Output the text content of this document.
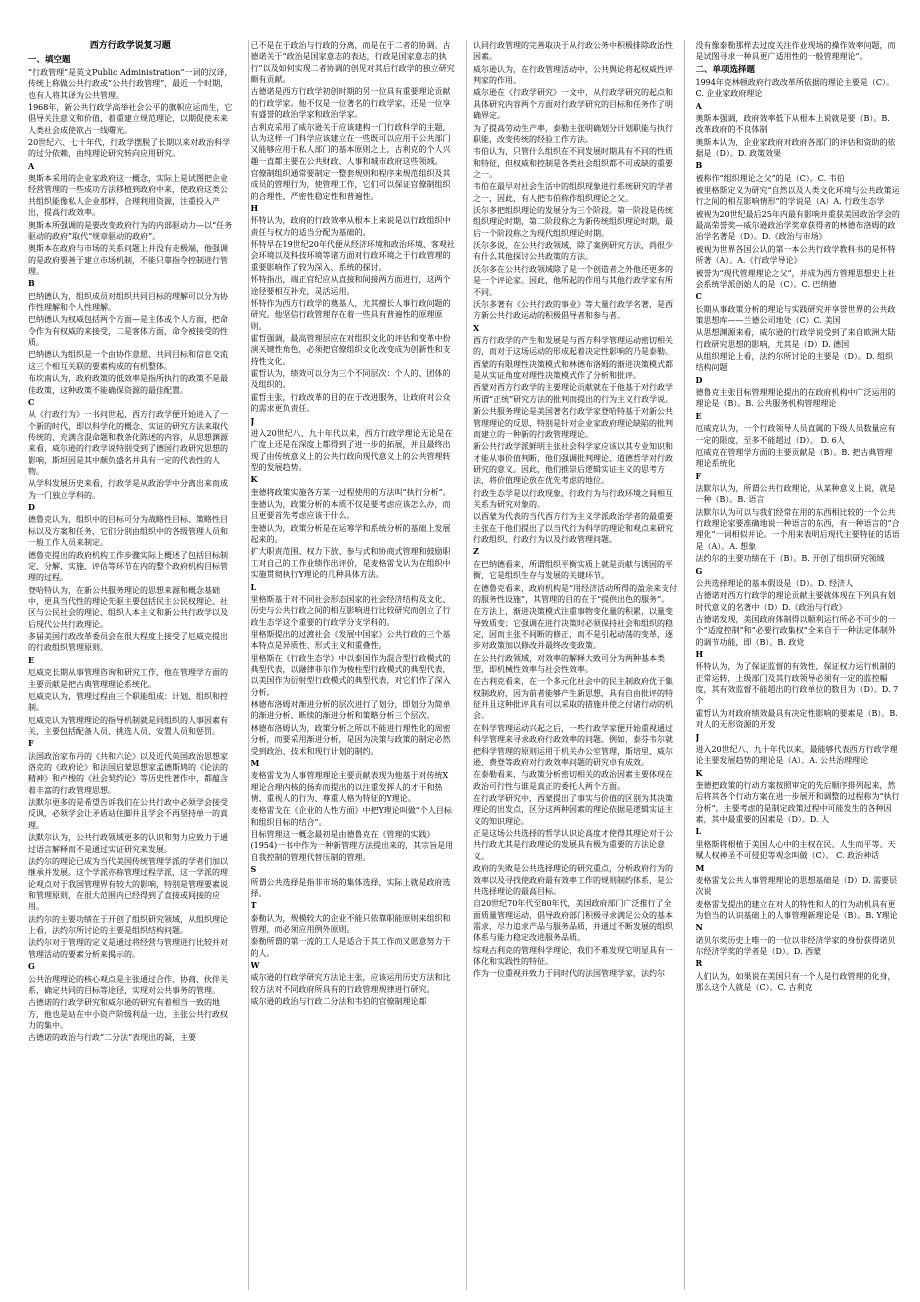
西方行政学说复习题

一、填空题

“行政管理”是英文Public Administration”一词的汉译，传统上称做公共行政或“公共行政管理”，最近一个时期，也有人将其译为公共管理。

1968年，新公共行政学高举社会公平的旗帜应运而生，它倡导关注意义和价值，着重建立规范理论，以期促使未来人类社会成使欲占一线曙光。

20世纪六、七十年代，行政学摆脱了长期以来对政治科学的过分依赖，由纯理论研究转向应用研究。

A

奥斯本采用的企业家政府这一概念，实际上是试图把企业经营管理的一些成功方法移植到政府中来，使政府这类公共组织能像私人企业那样，合理利用资源，注重投入产出，提高行政效率。

奥斯本所强调的是要改变政府行为的内部驱动力---以“任务驱动的政府”取代“规章驱动的政府”。

奥斯本在政府与市场的关系问题上并没有走极端，他强调的是政府要善于建立市场机制，不能只靠指令控制进行管理。

B

巴纳德认为，组织成员对组织共同目标的理解可以分为协作性理解和个人性理解。

巴纳德认为权威包括两个方面—是主体或个人方面，把命令作为有权威的来接受，二是客体方面，命令被接受的性质。

巴纳德认为组织是一个由协作意愿、共同目标和信息交流这三个相互关联的要素构成的有机整体。

布坎南认为，政府政策的低效率是指所执行的政策不是最佳政策，这种政策不能确保资源的最佳配置。

C

从《行政行为》一书问世起，西方行政学便开始进入了一个新的时代，即以科学化的概念、实证的研究方法来取代传统的、充满含混命题和教条化陈述的内容，从思想渊源来看，威尔逊的行政学说特别受到了德国行政研究思想的影响，斯坦因是其中颇负盛名并具有一定的代表性的人物。

从学科发展历史来看，行政学是从政治学中分离出来而成为一门独立学科的。

D

德鲁克认为，组织中的目标可分为战略性目标、策略性目标以及方案和任务，它们分别由组织中的各级管理人员和一般工作人员来制定。

德鲁克提出的政府机构工作步骤实际上概述了包括目标制定、分解、实施、评估等环节在内的整个政府机构目标管理的过程。

登哈特认为，在新公共服务理论的思想来源和概念基础中，更具当代性的理论先驱主要包括民主公民权理论、社区与公民社会的理论、组织人本主义和新公共行政学以及后现代公共行政理论。

多届美国行政改革委员会在很大程度上接受了厄威克提出的行政组织管理原则。

E

厄威克长期从事管理咨询和研究工作，他在管理学方面的主要贡献是把古典管理理论系统化。

厄威克认为，管理过程由三个职能组成：计划、组织和控制。

厄威克认为管理理论的指导机制就是同组织的人事因素有关，主要包括配备人员、挑选人员、安置人员和惩罚。

F

法国政治家布丹的《共和六论》以及近代英国政治思想家洛克的《政府论》和法国启蒙思想家孟德斯鸠的《论法的精神》和卢梭的《社会契约论》等历史性著作中，都蕴含着丰富的行政管理思想。

法默尔更多的是希望告诉我们在公共行政中必须学会接受反讽，必须学会让矛盾站住脚并且学会不再坚持单一的真理。

法默尔认为，公共行政领域更多的认识和努力应致力于通过语言解释而不是通过实证研究来发展。

法约尔的理论已成为当代美国传统管理学派的学者们加以继承并发展。这个学派亦称管理过程学派，这一学派的理论观点对于我国管理界有较大的影响，特别是管理要素说和管理原则，在很大范围内已经得到了直接或间接的应用。

法约尔的主要功绩在于开创了组织研究领域，从组织理论上看，法约尔所讨论的主要是组织结构问题。

法约尔对于管理的定义是通过将经营与管理进行比较并对管理活动的要素分析来揭示的。

G

公共治理理论的核心观点是主张通过合作、协商、伙伴关系，确定共同的目标等途径，实现对公共事务的管理。

古德诺的行政学研究和威尔逊的研究有着相当一致的地方，他也是站在中小资产阶级利益一边，主张公共行政权力的集中。

古德诺的政治与行政“二分法”表现出的凝，主要

已不是在于政治与行政的分离，而是在于二者的协调。古德诺关于“政治是国家意志的表达，行政是国家意志的执行”以及如何实现二者协调的创见对其后行政学的独立研究颇有贡献。

古德诺是西方行政学初创时期的另一位具有重要理论贡献的行政学家。他不仅是一位著名的行政学家，还是一位享有盛誉的政治学家和政治学家。

古利克采用了威尔逊关于应该建构一门行政科学的主题，认为这样一门科学应该建立在一些既可以应用于公共部门又能够应用于私人部门的基本原则之上，古利克的个人兴趣一直都主要在公共财政、人事和城市政府这些领域。

官僚制组织通常要制定一整套规则和程序来规范组织及其成员的管理行为，使管理工作，它们可以保证官僚制组织的合理性、严密性稳定性和普遍性。

H

怀特认为，政府的行政效率从根本上来说是以行政组织中责任与权力的适当分配为基础的。

怀特早在19世纪20年代便从经济环境和政治环境、客观社会环境以及科技环境等诸方面对行政环境之于行政管理的重要影响作了较为深入、系统的探讨。

怀特指出，端正官纪应从直接和间接两方面进行，这两个途径要相互补充，灵活运用。

怀特作为西方行政学的奠基人，尤其擅长人事行政问题的研究。他坚信行政管理存在着一些具有普遍性的原理原则。

霍哲强调，最高管理层应在对组织文化的评估和变革中扮演关键性角色，必须把官僚组织文化改变成为创新性和支持性文化。

霍哲认为，绩效可以分为三个不同层次：个人的、团体的及组织的。

霍哲主张，行政改革的目的在于改进服务，让政府对公众的需求更负责任。

J

进入20世纪八、九十年代以来，西方行政学理论无论是在广度上还是在深度上都得到了进一步的拓展，并且最终出现了由传统意义上的公共行政向现代意义上的公共管理转型的发展趋势。

K

奎德将政策实施各方某一过程使用的方法叫“执行分析”。

奎德认为，政策分析的本质不仅是要考虑应该怎么办，而且更要首先考虑应该干什么。

奎德认为，政策分析是在运筹学和系统分析的基础上发展起来的。

扩大职责范围、权力下放、参与式和协商式管理和鼓励职工对自己的工作业绩作出评价，是麦格雷戈认为在组织中实施贯彻执行Y理论的几种具体方法。

L

里格斯基于对不同社会形态国家的社会经济结构及文化、历史与公共行政之间的相互影响进行比较研究而创立了行政生态学这个重要的行政学分支学科的。

里格斯提出的过渡社会《发展中国家》公共行政的三个基本特点是异质性、形式主义和重叠性。

里格斯在《行政生态学》中以泰国作为混合型行政模式的典型代表，以融律菲尔作为棱柱型行政模式的典型代表，以美国作为衍射型行政模式的典型代表，对它们作了深入分析。

林德布洛姆对渐进分析的层次进行了划分，即划分为简单的渐进分析、断续的渐进分析和策略分析三个层次。

林德布洛姆认为，政策分析之所以不能进行理性化的周密分析，而要采用渐进分析，是因为决策与政策的制定必然受到政治、技术和现行计划的制约。

M

麦格雷戈为人事管理理论主要贡献表现为他基于对传统X理论合理内核的扬弃而提出的以注重发挥人的才干和热情、重视人的行为、尊重人格为特征的Y理论。

麦格雷戈在《企业的人性方面》中把Y理论叫做“个人目标和组织目标的结合”。

目标管理这一概念最初是由德鲁克在《管理的实践》(1954)一书中作为一种新管理方法提出来的，其宗旨是用自我控制的管理代替压制的管理。

S

所谓公共选择是指非市场的集体选择，实际上就是政府选择。

T

泰勒认为，规模较大的企业不能只依靠职能原则来组织和管理，而必须应用例外原则。

泰勒所谓的第一流的工人是适合于其工作而又愿意努力干的人。

W

威尔逊的行政学研究方法论主张，应该运用历史方法和比较方法对不同政府所具有的行政管理规律进行研究。

威尔逊的政治与行政二分法和韦伯的官僚制理论都

认同行政管理的完善取决于从行政公务中积极排除政治性因素。

威尔逊认为，在行政管理活动中，公共舆论将起权威性评判家的作用。

威尔逊在《行政学研究》一文中，从行政学研究的起点和具体研究内容两个方面对行政学研究的目标和任务作了明确界定。

为了提高劳动生产率，泰勒主张明确划分计划职能与执行职能，改变传统的经验工作方法。

韦伯认为，只管什么组织在不同发展时期具有不同的性质和特征，但权威和控制是各类社会组织都不可或缺的重要之一。

韦伯在最早对社会生活中的组织现象进行系统研究的学者之一，因此，有人把韦伯称作组织理论之父。

沃尔多把组织理论的发展分为三个阶段。第一阶段是传统组织理论时期，第二阶段称之为新传统组织理论时期，最后一个阶段称之为现代组织理论时期。

沃尔多说，在公共行政领域，除了案例研究方法，尚很少有什么其他探讨公共政策的方法。

沃尔多在公共行政领域除了是一个创造者之外他还更多的是一个评论家。因此，他所起的作用与其他行政学家有所不同。

沃尔多著有《公共行政的事业》等大量行政学名著，是西方新公共行政运动的积极倡导者和参与者。

X

西方行政学的产生和发展是与西方科学管理运动密切相关的，而对于这场运动的形成起着决定性影响的乃是泰勒。

西蒙的有限理性决策模式和林德布洛姆的渐进决策模式都是从实证角度对理性决策模式作了分析和批评。

西蒙对西方行政学的主要理论贡献就在于他基于对行政学所谓“正统”研究方法的批判而提出的行为主义行政学说。

新公共服务理论是美国著名行政学家登哈特基于对新公共管理理论的反思，特别是针对企业家政府理论缺陷的批判而建立的一种新的行政管理理论。

新公共行政学派鲜明主张社会科学家应该以其专业知识和才能从事价值判断，他们强调批判理论、道德哲学对行政研究的意义。因此，他们推崇后逻辑实证主义的思考方法，将价值理论放在优先考虑的地位。

行政生态学是以行政现象、行政行为与行政环境之间相互关系为研究对象的。

以西蒙为代表的当代西方行为主义学派政治学者的最重要主张在于他们提出了以当代行为科学的理论和观点来研究行政组织、行政行为以及行政管理问题。

Z

在巴纳德看来，所谓组织平衡实质上就是贡献与诱因的平衡，它是组织生存与发展的关键环节。

在德鲁克看来，政府机构是“用经济活动所得的盈余来支付的服务性设施”，其管理的目的在于“提供出色的服务”。

在方法上，渐进决策模式注重事物变化量的积累，以量变导致质变；它强调在进行决策时必须保持社会和组织的稳定，因而主张不间断的修正，而不是引起动荡的变革，逐步对政策加以修改并最终改变政策。

在公共行政领域，对效率的解释大致可分为两种基本类型，即机械性效率与社会性效率。

在古利克看来，在一个多元化社会中的民主制政府优于集权制政府，因为前者能够产生新思想，具有自由批评的特征并且这种批评具有可以采取的措施并使之付诸行动的机会。

在科学管理运动兴起之后，一些行政学家便开始重视通过科学管理来寻求政府行政效率的问题。例如，泰芬韦尔就把科学管理的原则运用于机关办公室管理，斯培里、威尔逊、费登等政府对行政效率问题的研究卓有成效。

在泰勒看来，与政策分析密切相关的政治因素主要体现在政治可行性与谁是真正的委托人两个方面。

在行政学研究中，西蒙提出了事实与价值的区别为其决策理论的出发点，区分这两种因素的理论依据是逻辑实证主义的知识理论。

正是这场公共选择的哲学认识论高度才使得其理论对于公共行政尤其是行政理论的发展具有极为重要的方法论意义。

政府的失败是公共选择理论的研究重点，分析政府行为的效率以及寻找使政府最有效率工作的规则制约体系，是公共选择理论的最高目标。

自20世纪70年代至80年代，美国政府部门广泛推行了全面质量管理运动，倡导政府部门积极寻求满足公众的基本需求，尽力追求产品与服务品质，并通过不断发展的组织体系与能力稳定改进服务品质。

综观古利克的管理科学理论，我们不难发现它明显具有一体化和实践性的特征。

作为一位重视并致力于同时代的法国管理学家，法约尔

没有像泰勒那样去过度关注作业现场的操作效率问题，而是试图寻求一种具更广适用性的一般管理理论”。

二、单项选择题

1994年克林顿政府行政改革所依据的理论主要是（C）。 C. 企业家政府理论

A

奥斯本强调，政府效率低下从根本上说就是要（B）。B. 改革政府的不良体制

奥斯本认为，企业家政府对政府各部门的评估和资助的依据是（D）。D. 政策效果

B

被称作“组织理论之父”的是（C）。C. 韦伯

被里格斯定义为研究“自然以及人类文化环境与公共政策运行之间的相互影响情形”的学说是（A）A. 行政生态学

被视为20世纪最后25年内最有影响并重获美国政治学会的最高荣誉奖—威尔逊政治学奖章获得者的林德布洛姆的政治学名著是（D）。D.《政治与市场》

被视为世界各国公认的第一本公共行政学教科书的是怀特所著（A）。A.《行政学导论》

被誉为“现代管理理论之父”，并成为西方管理思想史上社会系统学派创始人的是（C）。C. 巴纳德

C

长期从事政策分析的理论与实践研究并享誉世界的公共政策思想库——兰德公司地处（C）C. 美国

从思想渊源来看，威尔逊的行政学说受到了来自欧洲大陆行政研究思想的影响，尤其是（D）D. 德国

从组织理论上看，法约尔所讨论的主要是（D）。D. 组织结构问题

D

德鲁克主张目标管理理论提出的在政府机构中广泛运用的理论是（B）。B. 公共服务机构管理理论

E

厄威克认为，一个行政领导人员直属的下级人员数量应有一定的限度，至多不能超过（D）。 D. 6人

厄威克在管理学方面的主要贡献是（B）。B. 把古典管理理论系统化

F

法默尔认为，所谓公共行政理论，从某种意义上说，就是一种（B）。B. 语言

法默尔认为可以与我们经常在用的东西相比较的一个公共行政理论家要准确地说一种语言的东西，有一种语言的“合理化”一词相似并论。一个用来表明后现代主要特征的话语是（A）。A. 想象

法约尔的主要功绩在于（B）。B. 开创了组织研究领域

G

公共选择理论的基本假设是（D）。D. 经济人

古德诺对西方行政学的理论贡献主要就体现在下列具有划时代意义的名著中（D）D.《政治与行政》

古德诺发现，美国政府体制得以顺利运行所必不可少的一个“适度控制”和“必要行政集权”全来自于一种法定体制外的调节功能，即（B）。B. 政党

H

怀特认为，为了保证监督的有效性，保证权力运行机制的正常运转，上级部门及其行政领导必须有一定的监控幅度，其有效监督不能超出的行政单位的数目为（D）。D. 7个

霍哲认为对政府绩效最具有决定性影响的要素是（B）。B. 对人的无形资源的开发

J

进入20世纪八、九十年代以来，最能够代表西方行政学理论主要发展趋势的理论是（A）。A. 公共治理理论

K

奎德把政策的行动方案按照审定的先后顺序排列起来，然后将其各个行动方案在进一步展开和调整的过程称为“执行分析”，主要考虑的是制定政策过程中可能发生的各种因素，其中最重要的因素是（D）。D. 人

L

里格斯将根植于美国人心中的主权在民、人生而平等、天赋人权神圣不可侵犯等观念叫做（C）。 C. 政治神话

M

麦格雷戈公共人事管理理论的思想基础是（D）D. 需要层次说

麦格雷戈提出的建立在对人的特性和人的行为动机具有更为恰当的认识基础上的人事管理新理论是（B）。B. Y理论

N

诺贝尔奖历史上唯一的一位以非经济学家的身份获得诺贝尔经济学奖的学者是（D）。D. 西蒙

R

人们认为，如果说在美国只有一个人是行政管理的化身，那么这个人就是（C）。C. 古利克
